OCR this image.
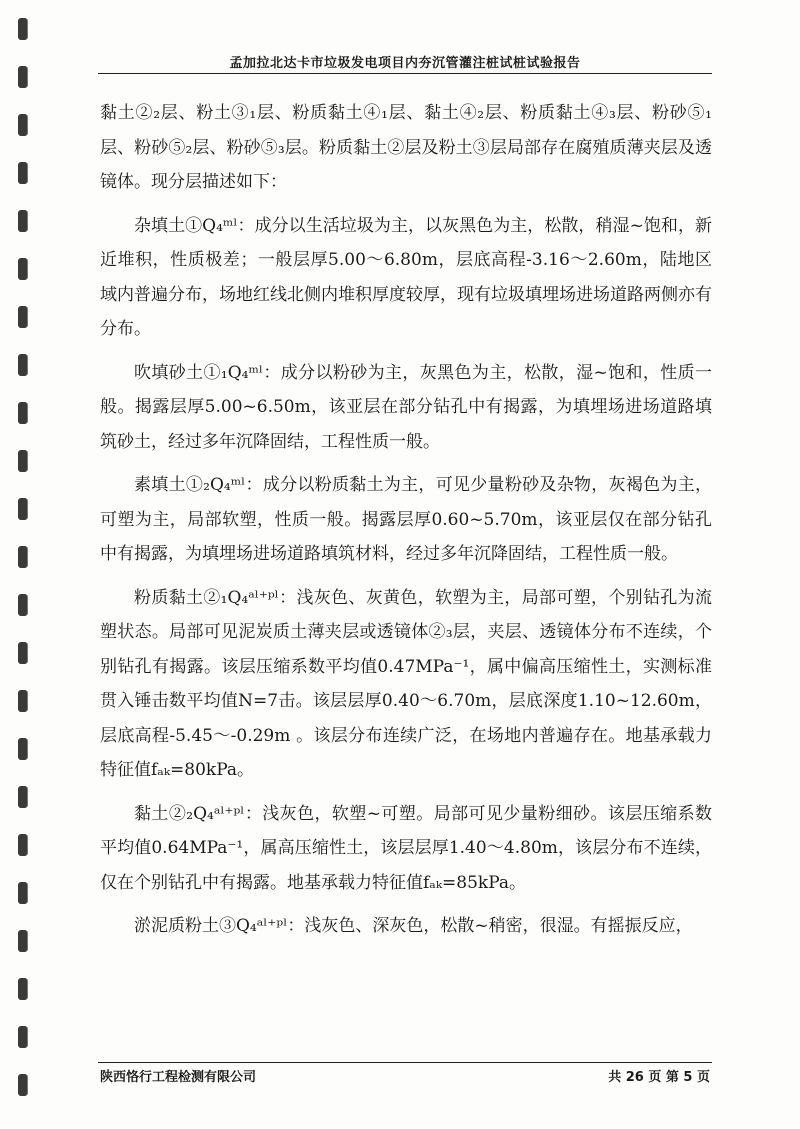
孟加拉北达卡市垃圾发电项目内夯沉管灌注桩试桩试验报告

黏土②₂层、粉土③₁层、粉质黏土④₁层、黏土④₂层、粉质黏土④₃层、粉砂⑤₁层、粉砂⑤₂层、粉砂⑤₃层。粉质黏土②层及粉土③层局部存在腐殖质薄夹层及透镜体。现分层描述如下：

杂填土①Q₄ᵐˡ：成分以生活垃圾为主，以灰黑色为主，松散，稍湿~饱和，新近堆积，性质极差；一般层厚5.00～6.80m，层底高程-3.16～2.60m，陆地区域内普遍分布，场地红线北侧内堆积厚度较厚，现有垃圾填埋场进场道路两侧亦有分布。

吹填砂土①₁Q₄ᵐˡ：成分以粉砂为主，灰黑色为主，松散，湿~饱和，性质一般。揭露层厚5.00~6.50m，该亚层在部分钻孔中有揭露，为填埋场进场道路填筑砂土，经过多年沉降固结，工程性质一般。

素填土①₂Q₄ᵐˡ：成分以粉质黏土为主，可见少量粉砂及杂物，灰褐色为主， 可塑为主，局部软塑，性质一般。揭露层厚0.60~5.70m，该亚层仅在部分钻孔中有揭露，为填埋场进场道路填筑材料，经过多年沉降固结，工程性质一般。

粉质黏土②₁Q₄ᵃˡ⁺ᵖˡ：浅灰色、灰黄色，软塑为主，局部可塑，个别钻孔为流塑状态。局部可见泥炭质土薄夹层或透镜体②₃层，夹层、透镜体分布不连续，个别钻孔有揭露。该层压缩系数平均值0.47MPa⁻¹，属中偏高压缩性土，实测标准贯入锤击数平均值N=7击。该层层厚0.40～6.70m，层底深度1.10~12.60m，层底高程-5.45～-0.29m 。该层分布连续广泛，在场地内普遍存在。地基承载力特征值fₐₖ=80kPa。

黏土②₂Q₄ᵃˡ⁺ᵖˡ：浅灰色，软塑~可塑。局部可见少量粉细砂。该层压缩系数平均值0.64MPa⁻¹，属高压缩性土，该层层厚1.40～4.80m，该层分布不连续，仅在个别钻孔中有揭露。地基承载力特征值fₐₖ=85kPa。

淤泥质粉土③Q₄ᵃˡ⁺ᵖˡ：浅灰色、深灰色，松散~稍密，很湿。有摇振反应，

陕西恪行工程检测有限公司	共 26 页 第 5 页
